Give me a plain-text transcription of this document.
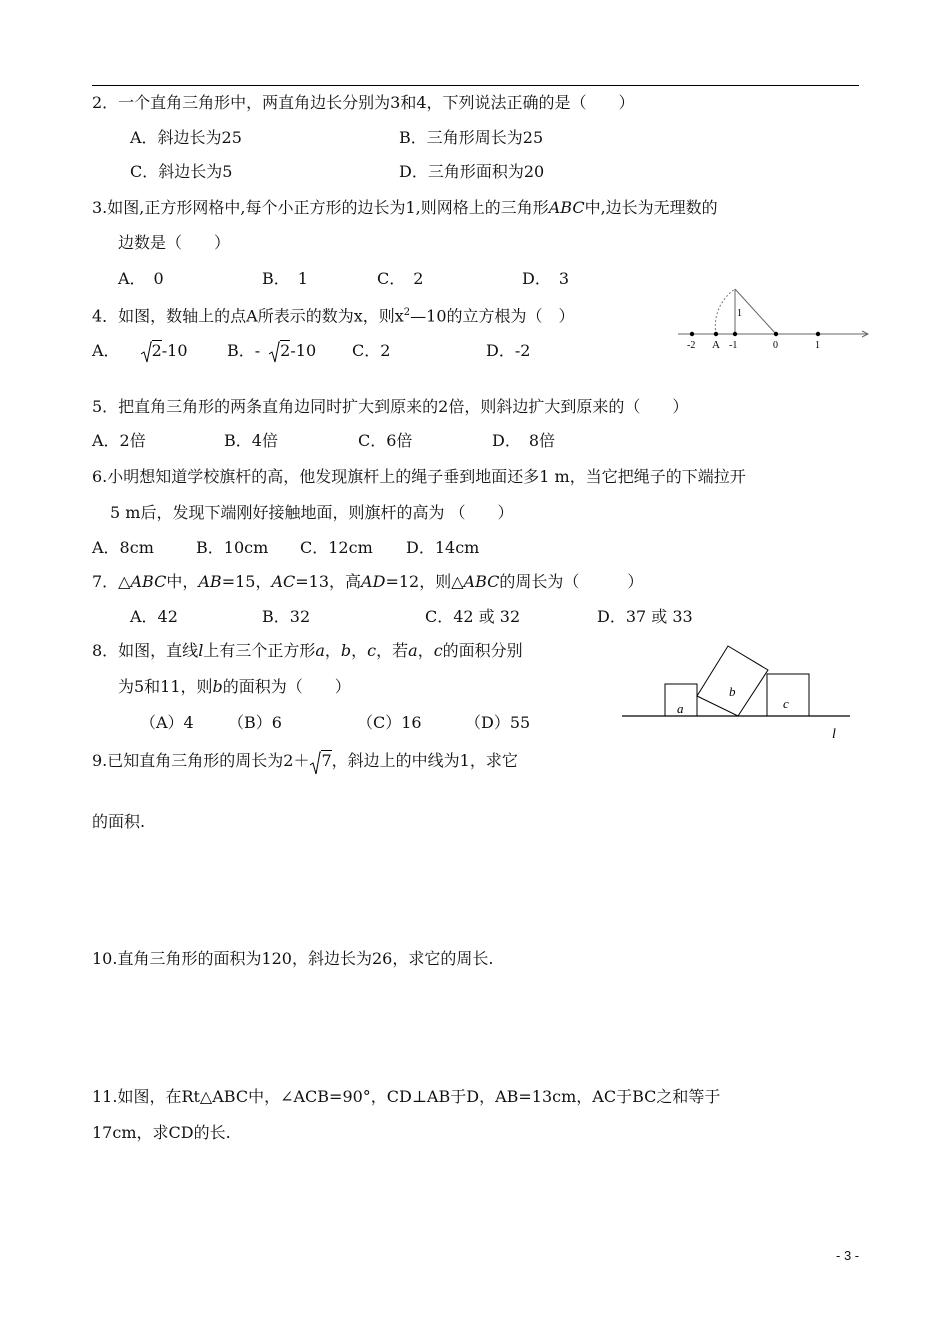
2．一个直角三角形中，两直角边长分别为3和4，下列说法正确的是（　　）
A．斜边长为25	B．三角形周长为25
C．斜边长为5	D．三角形面积为20
3.如图,正方形网格中,每个小正方形的边长为1,则网格上的三角形ABC中,边长为无理数的
边数是（　　）
A．　0	B．　1	C．　2	D．　3
4．如图，数轴上的点A所表示的数为x，则$x^2—10$的立方根为（　）
A． 2-10 B．- 2-10 C．2	D．-2	-2 A -1	0	1
1
5．把直角三角形的两条直角边同时扩大到原来的2倍，则斜边扩大到原来的（　　）
A．2倍	B．4倍	C．6倍	D．　8倍
6.小明想知道学校旗杆的高，他发现旗杆上的绳子垂到地面还多1 m，当它把绳子的下端拉开
5 m后，发现下端刚好接触地面，则旗杆的高为 （　　）
A．8cm	B．10cm C．12cm D．14cm
7．△ABC中，AB=15，AC=13，高AD=12，则△ABC的周长为（　　　）
A．42	B．32	C．42 或 32	D．37 或 33
8．如图，直线l上有三个正方形a，b，c，若a，c的面积分别
为5和11，则b的面积为（　　）
（A）4 （B）6	（C）16	（D）55
a
b
c
l
9.已知直角三角形的周长为2＋ 7，斜边上的中线为1，求它
的面积.
10.直角三角形的面积为120，斜边长为26，求它的周长.
11.如图，在Rt△ABC中，∠ACB=90°，CD⊥AB于D，AB=13cm，AC于BC之和等于
17cm，求CD的长.
- 3 -
